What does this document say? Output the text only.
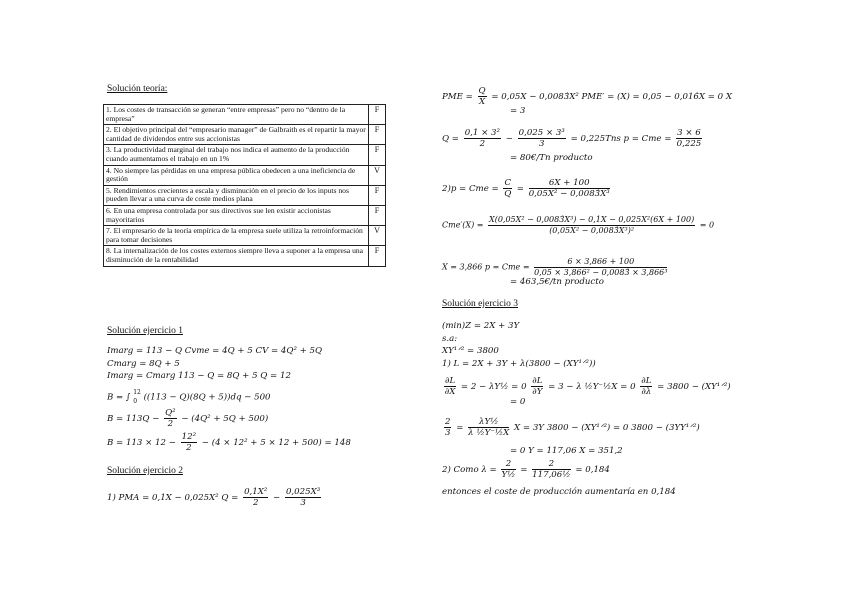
Solución teoría:
1. Los costes de transacción se generan “entre empresas” pero no “dentro de la empresa”	F
2. El objetivo principal del “empresario manager” de Galbraith es el repartir la mayor cantidad de dividendos entre sus accionistas	F
3. La productividad marginal del trabajo nos indica el aumento de la producción cuando aumentamos el trabajo en un 1%	F
4. No siempre las pérdidas en una empresa pública obedecen a una ineficiencia de gestión	V
5. Rendimientos crecientes a escala y disminución en el precio de los inputs nos pueden llevar a una curva de coste medios plana	F
6. En una empresa controlada por sus directivos sue len existir accionistas mayoritarios	F
7. El empresario de la teoría empírica de la empresa suele utiliza la retroinformación para tomar decisiones	V
8. La internalización de los costes externos siempre lleva a suponer a la empresa una disminución de la rentabilidad	F
Solución ejercicio 1
Imarg = 113 − Q Cvme = 4Q + 5 CV = 4Q² + 5Q
Cmarg = 8Q + 5
Imarg = Cmarg 113 − Q = 8Q + 5 Q = 12
B = ∫ 12
0 ((113 − Q)(8Q + 5))dq − 500
$B = 113Q - \frac{\text{Q²}}{2} - (4Q^2 + 5Q + 500)$
$B = 113 \times 12 - \frac{\text{12²}}{2} - (4 \times 12^2 + 5 \times 12 + 500) = 148$
Solución ejercicio 2
1) PMA = 0,1X − 0,025X² $Q = \frac{\text{0,1X²}}{2} - \frac{\text{0,025X³}}{3}$
PME = $\frac{Q}{X} = 0,05X$ − 0,0083̂X² PME′ = (X) = 0,05 − 0,016̂X = 0 X
= 3
$Q = \frac{\text{0,1 × 3²}}{2} - \frac{\text{0,025 × 3³}}{3} = 0,225Tns$ p = Cme = $\frac{3 \times 6}{0,225}$
= 80€/Tn producto
2)p = Cme = $\frac{C}{Q} = \frac{6X + 100}{\text{0,05X² − 0,0083̂X³}}$
$Cme'(X) = \frac{\text{X(0,05X² − 0,0083̂X³) − 0,1X − 0,025X²(6X + 100)}}{\text{(0,05X² − 0,0083̂X³)²}} = 0$
X = 3,866 p = Cme = $\frac{6 \times 3,866 + 100}{\text{0,05 × 3,866² − 0,0083̂ × 3,866³}}$
= 463,5€/tn producto
Solución ejercicio 3
(min)Z = 2X + 3Y
s.a:
XY¹ᐟ² = 3800
1) L = 2X + 3Y + λ(3800 − (XY¹ᐟ²))
$\frac{\partial L}{\partial X} = 2$ − λY½ = $0 \frac{\partial L}{\partial Y} = 3 - \lambda$ ½Y⁻½X = $0 \frac{\partial L}{\partial\lambda} = 3800$ − (XY¹ᐟ²)
= 0
$\frac{2}{3} = \frac{\text{λY½}}{\text{λ ½Y⁻½X}}$ X = 3Y 3800 − (XY¹ᐟ²) = 0 3800 − (3YY¹ᐟ²)
= 0 Y = 117,06 X = 351,2
2) Como $\lambda = \frac{2}{\text{Y½}} = \frac{2}{\text{117,06½}} = 0,184$
entonces el coste de producción aumentaría en 0,184
